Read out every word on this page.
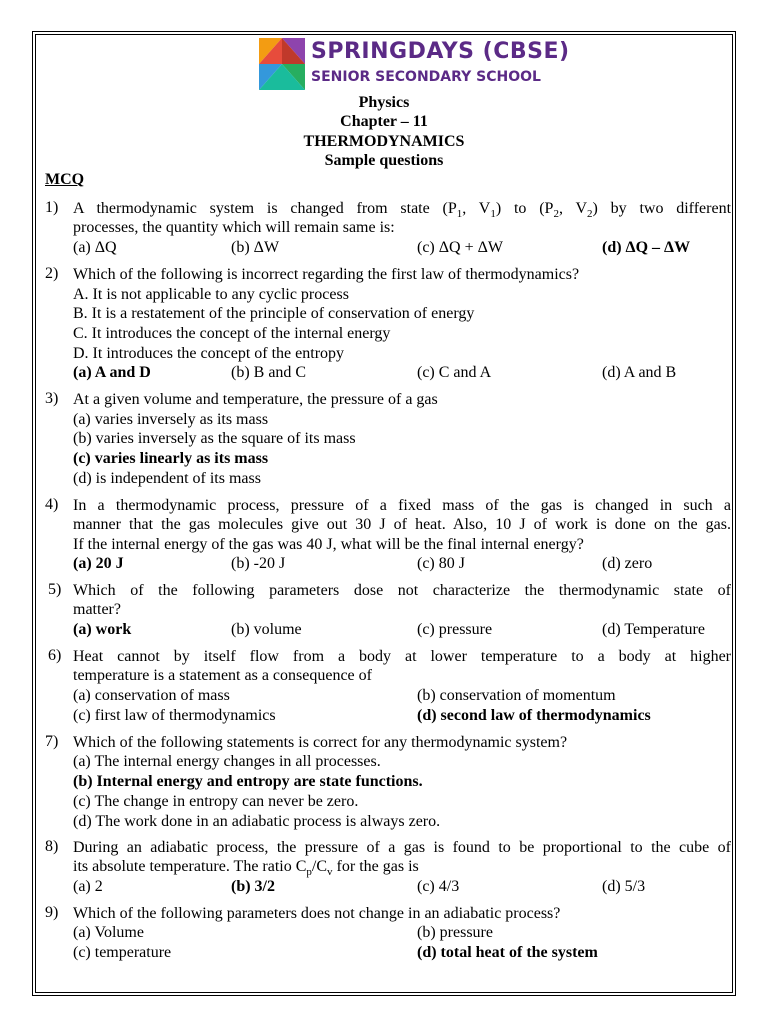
SPRINGDAYS (CBSE)
SENIOR SECONDARY SCHOOL
Physics
Chapter – 11
THERMODYNAMICS
Sample questions
MCQ
1) A thermodynamic system is changed from state ($P_1$, $V_1$) to ($P_2$, $V_2$) by two different
processes, the quantity which will remain same is:
(a) ΔQ	(b) ΔW	(c) ΔQ + ΔW	(d) ΔQ – ΔW
2) Which of the following is incorrect regarding the first law of thermodynamics?
A. It is not applicable to any cyclic process
B. It is a restatement of the principle of conservation of energy
C. It introduces the concept of the internal energy
D. It introduces the concept of the entropy
(a) A and D	(b) B and C	(c) C and A	(d) A and B
3) At a given volume and temperature, the pressure of a gas
(a) varies inversely as its mass
(b) varies inversely as the square of its mass
(c) varies linearly as its mass
(d) is independent of its mass
4) In a thermodynamic process, pressure of a fixed mass of the gas is changed in such a
manner that the gas molecules give out 30 J of heat. Also, 10 J of work is done on the gas.
If the internal energy of the gas was 40 J, what will be the final internal energy?
(a) 20 J	(b) -20 J	(c) 80 J	(d) zero
5) Which of the following parameters dose not characterize the thermodynamic state of
matter?
(a) work	(b) volume	(c) pressure	(d) Temperature
6) Heat cannot by itself flow from a body at lower temperature to a body at higher
temperature is a statement as a consequence of
(a) conservation of mass	(b) conservation of momentum
(c) first law of thermodynamics	(d) second law of thermodynamics
7) Which of the following statements is correct for any thermodynamic system?
(a) The internal energy changes in all processes.
(b) Internal energy and entropy are state functions.
(c) The change in entropy can never be zero.
(d) The work done in an adiabatic process is always zero.
8) During an adiabatic process, the pressure of a gas is found to be proportional to the cube of
its absolute temperature. The ratio $C_p/C_v$ for the gas is
(a) 2	(b) 3/2	(c) 4/3	(d) 5/3
9) Which of the following parameters does not change in an adiabatic process?
(a) Volume	(b) pressure
(c) temperature	(d) total heat of the system
